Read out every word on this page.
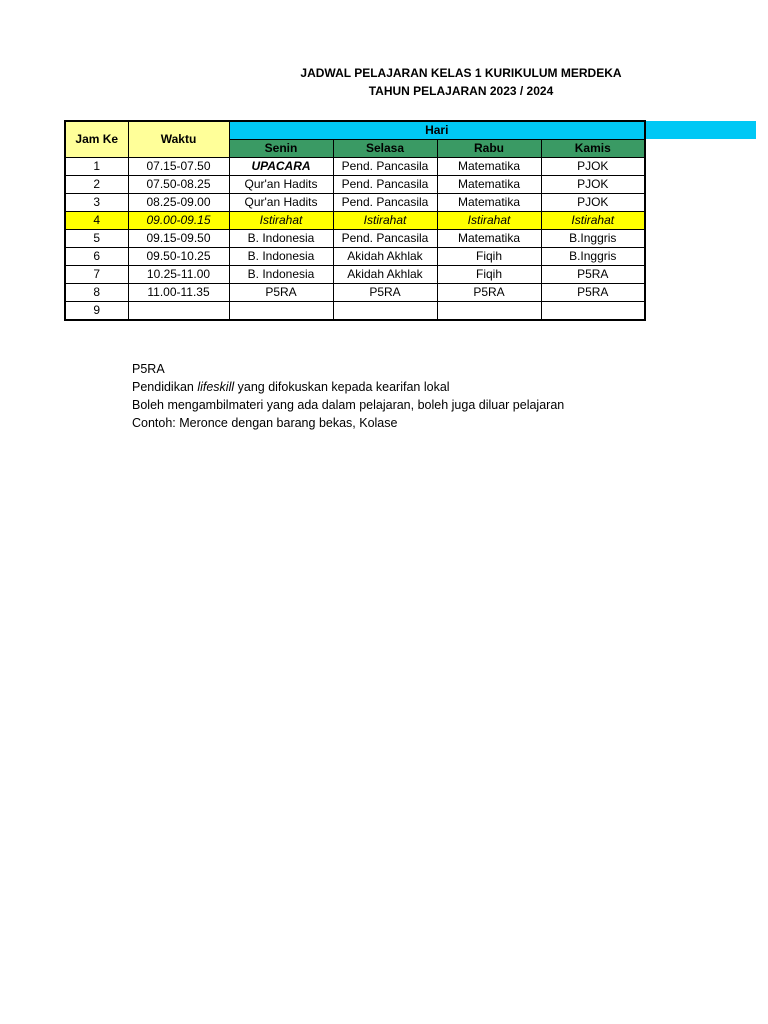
JADWAL PELAJARAN KELAS 1 KURIKULUM MERDEKA
TAHUN PELAJARAN 2023 / 2024
Jam Ke	Waktu	Hari			
		Senin	Selasa	Rabu	Kamis
1	07.15-07.50	UPACARA	Pend. Pancasila	Matematika	PJOK
2	07.50-08.25	Qur'an Hadits	Pend. Pancasila	Matematika	PJOK
3	08.25-09.00	Qur'an Hadits	Pend. Pancasila	Matematika	PJOK
4	09.00-09.15	Istirahat	Istirahat	Istirahat	Istirahat
5	09.15-09.50	B. Indonesia	Pend. Pancasila	Matematika	B.Inggris
6	09.50-10.25	B. Indonesia	Akidah Akhlak	Fiqih	B.Inggris
7	10.25-11.00	B. Indonesia	Akidah Akhlak	Fiqih	P5RA
8	11.00-11.35	P5RA	P5RA	P5RA	P5RA
9					
P5RA
Pendidikan lifeskill yang difokuskan kepada kearifan lokal
Boleh mengambilmateri yang ada dalam pelajaran, boleh juga diluar pelajaran
Contoh: Meronce dengan barang bekas, Kolase
